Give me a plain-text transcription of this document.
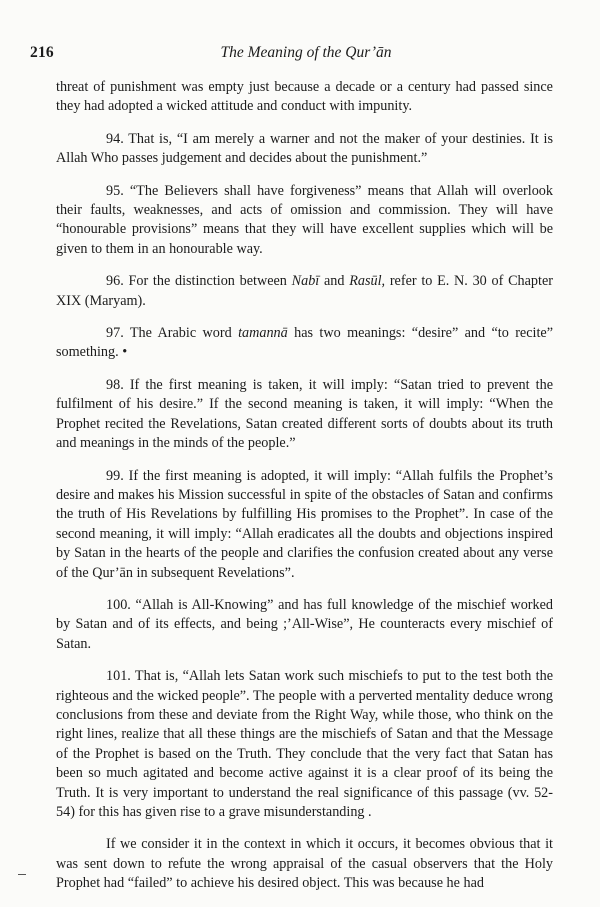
216	The Meaning of the Qur’ān

threat of punishment was empty just because a decade or a century had passed since they had adopted a wicked attitude and conduct with impunity.

94. That is, “I am merely a warner and not the maker of your destinies. It is Allah Who passes judgement and decides about the punishment.”

95. “The Believers shall have forgiveness” means that Allah will overlook their faults, weaknesses, and acts of omission and commission. They will have “honourable provisions” means that they will have excellent supplies which will be given to them in an honourable way.

96. For the distinction between Nabī and Rasūl, refer to E. N. 30 of Chapter XIX (Maryam).

97. The Arabic word tamannā has two meanings: “desire” and “to recite” something. •

98. If the first meaning is taken, it will imply: “Satan tried to prevent the fulfilment of his desire.” If the second meaning is taken, it will imply: “When the Prophet recited the Revelations, Satan created different sorts of doubts about its truth and meanings in the minds of the people.”

99. If the first meaning is adopted, it will imply: “Allah fulfils the Prophet’s desire and makes his Mission successful in spite of the obstacles of Satan and confirms the truth of His Revelations by fulfilling His promises to the Prophet”. In case of the second meaning, it will imply: “Allah eradicates all the doubts and objections inspired by Satan in the hearts of the people and clarifies the confusion created about any verse of the Qur’ān in subsequent Revelations”.

100. “Allah is All-Knowing” and has full knowledge of the mischief worked by Satan and of its effects, and being ;’All-Wise”, He counteracts every mischief of Satan.

101. That is, “Allah lets Satan work such mischiefs to put to the test both the righteous and the wicked people”. The people with a perverted mentality deduce wrong conclusions from these and deviate from the Right Way, while those, who think on the right lines, realize that all these things are the mischiefs of Satan and that the Message of the Prophet is based on the Truth. They conclude that the very fact that Satan has been so much agitated and become active against it is a clear proof of its being the Truth. It is very important to understand the real significance of this passage (vv. 52-54) for this has given rise to a grave misunderstanding .

If we consider it in the context in which it occurs, it becomes obvious that it was sent down to refute the wrong appraisal of the casual observers that the Holy Prophet had “failed” to achieve his desired object. This was because he had
